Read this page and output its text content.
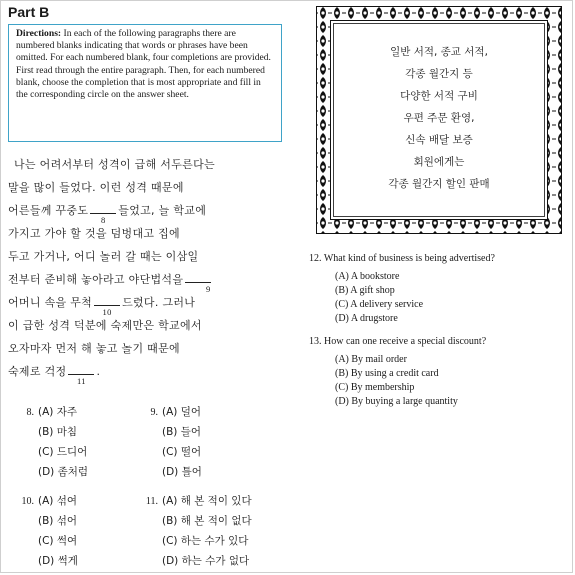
Part B
Directions: In each of the following paragraphs there are numbered blanks indicating that words or phrases have been omitted. For each numbered blank, four completions are provided. First read through the entire paragraph. Then, for each numbered blank, choose the completion that is most appropriate and fill in the corresponding circle on the answer sheet.
나는 어려서부터 성격이 급해 서두른다는
말을 많이 들었다. 이런 성격 때문에
어른들께 꾸중도
8
들었고, 늘 학교에
가지고 가야 할 것을 덤벙대고 집에
두고 가거나, 어디 놀러 갈 때는 이삼일
전부터 준비해 놓아라고 야단법석을
9
어머니 속을 무척
10
드렸다. 그러나
이 급한 성격 덕분에 숙제만은 학교에서
오자마자 먼저 해 놓고 놀기 때문에
숙제로 걱정
11
.
8. (A) 자주
(B) 마침
(C) 드디어
(D) 좀처럼
9. (A) 덜어
(B) 들어
(C) 떨어
(D) 틀어
10. (A) 섞여
(B) 섞어
(C) 썩여
(D) 썩게
11. (A) 해 본 적이 있다
(B) 해 본 적이 없다
(C) 하는 수가 있다
(D) 하는 수가 없다
일반 서적, 종교 서적,
각종 월간지 등
다양한 서적 구비
우편 주문 환영,
신속 배달 보증
회원에게는
각종 월간지 할인 판매
12. What kind of business is being advertised?
(A) A bookstore
(B) A gift shop
(C) A delivery service
(D) A drugstore
13. How can one receive a special discount?
(A) By mail order
(B) By using a credit card
(C) By membership
(D) By buying a large quantity
